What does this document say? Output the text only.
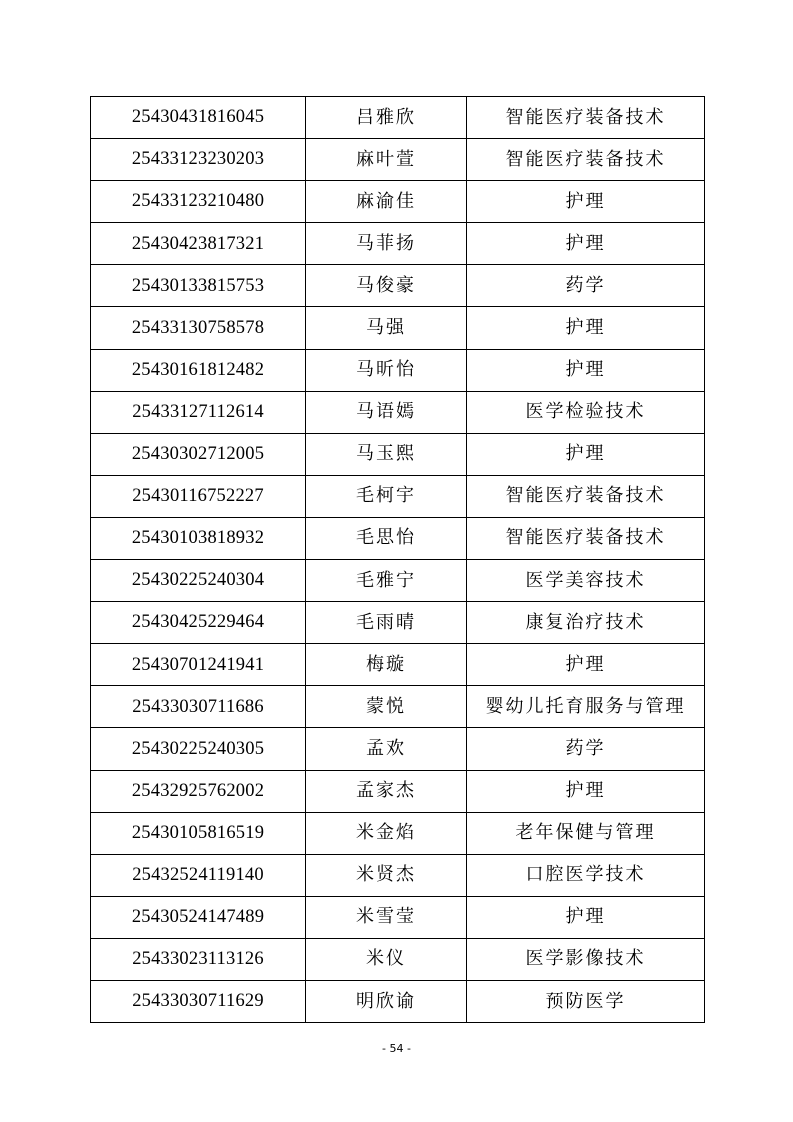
25430431816045	吕雅欣	智能医疗装备技术
25433123230203	麻叶萱	智能医疗装备技术
25433123210480	麻渝佳	护理
25430423817321	马菲扬	护理
25430133815753	马俊豪	药学
25433130758578	马强	护理
25430161812482	马昕怡	护理
25433127112614	马语嫣	医学检验技术
25430302712005	马玉熙	护理
25430116752227	毛柯宇	智能医疗装备技术
25430103818932	毛思怡	智能医疗装备技术
25430225240304	毛雅宁	医学美容技术
25430425229464	毛雨晴	康复治疗技术
25430701241941	梅璇	护理
25433030711686	蒙悦	婴幼儿托育服务与管理
25430225240305	孟欢	药学
25432925762002	孟家杰	护理
25430105816519	米金焰	老年保健与管理
25432524119140	米贤杰	口腔医学技术
25430524147489	米雪莹	护理
25433023113126	米仪	医学影像技术
25433030711629	明欣谕	预防医学
- 54 -
